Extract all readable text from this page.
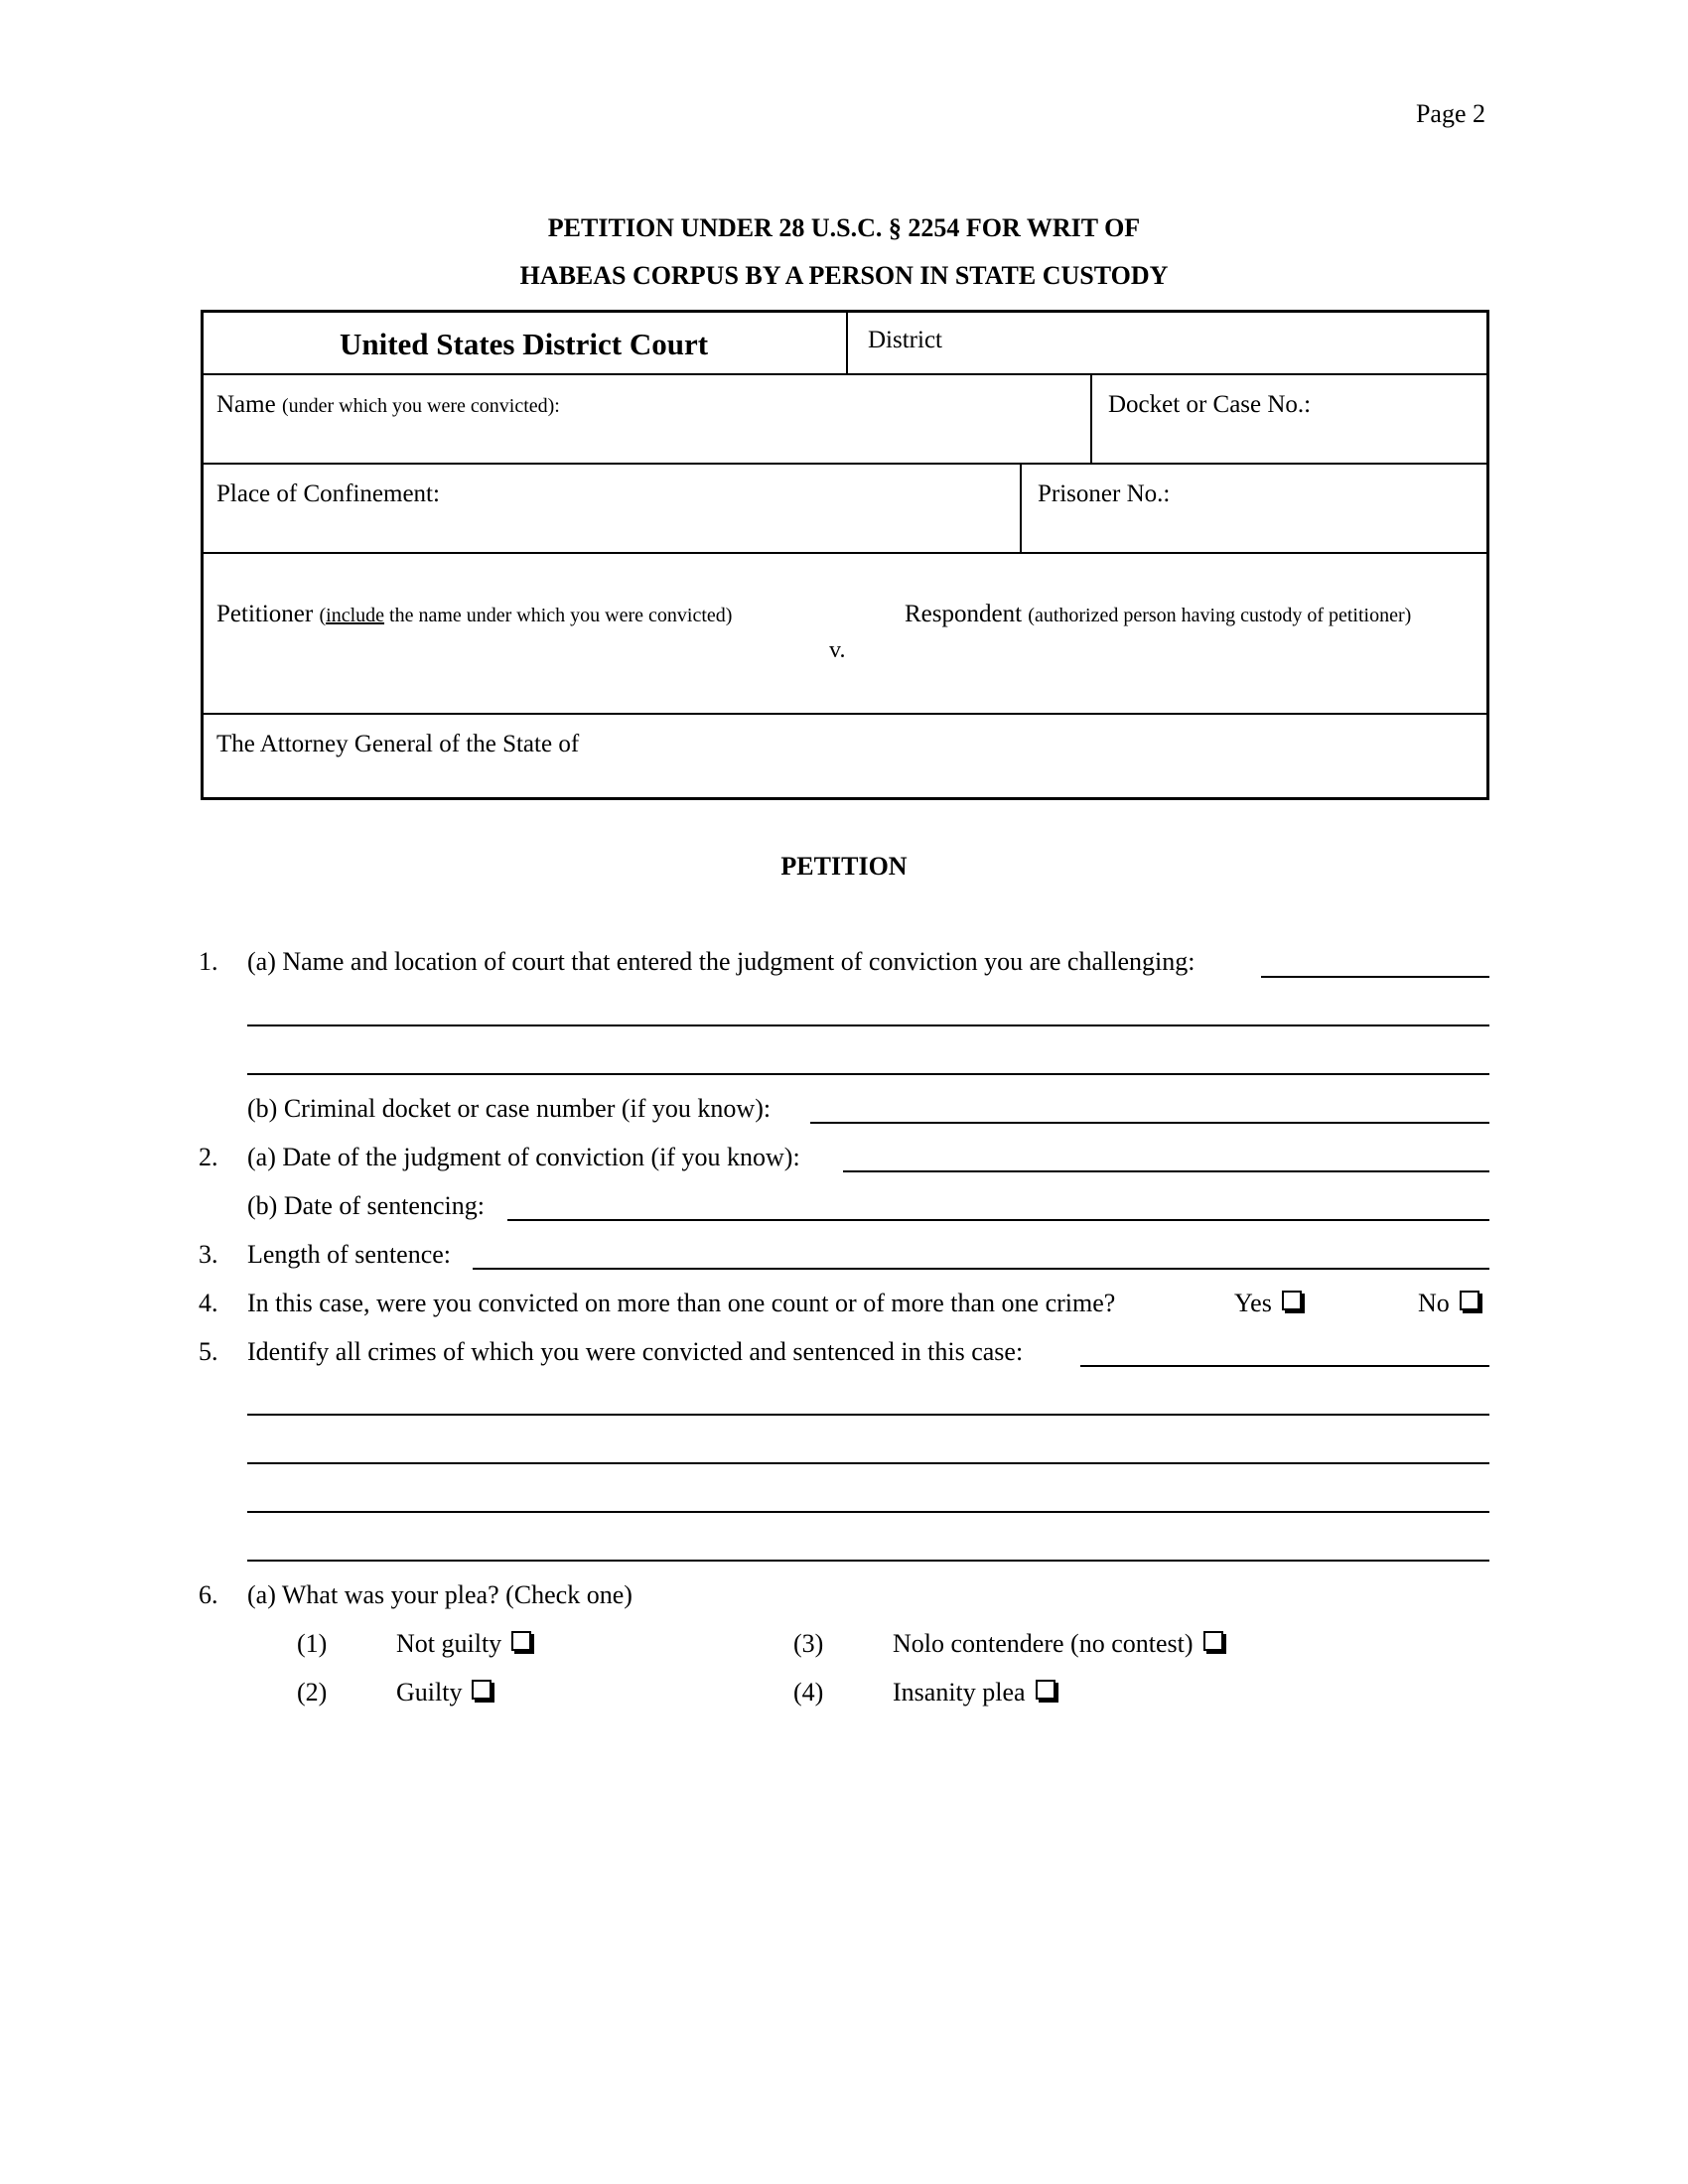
Page 2
PETITION UNDER 28 U.S.C. § 2254 FOR WRIT OF
HABEAS CORPUS BY A PERSON IN STATE CUSTODY
United States District Court	District
Name (under which you were convicted):	Docket or Case No.:
Place of Confinement:	Prisoner No.:
Petitioner (include the name under which you were convicted)
v.
Respondent (authorized person having custody of petitioner)
The Attorney General of the State of
PETITION
1. (a) Name and location of court that entered the judgment of conviction you are challenging:
(b) Criminal docket or case number (if you know):
2. (a) Date of the judgment of conviction (if you know):
(b) Date of sentencing:
3. Length of sentence:
4. In this case, were you convicted on more than one count or of more than one crime?	Yes	No
5. Identify all crimes of which you were convicted and sentenced in this case:
6. (a) What was your plea? (Check one)
(1)	Not guilty
(2)	Guilty
(3)	Nolo contendere (no contest)
(4)	Insanity plea
